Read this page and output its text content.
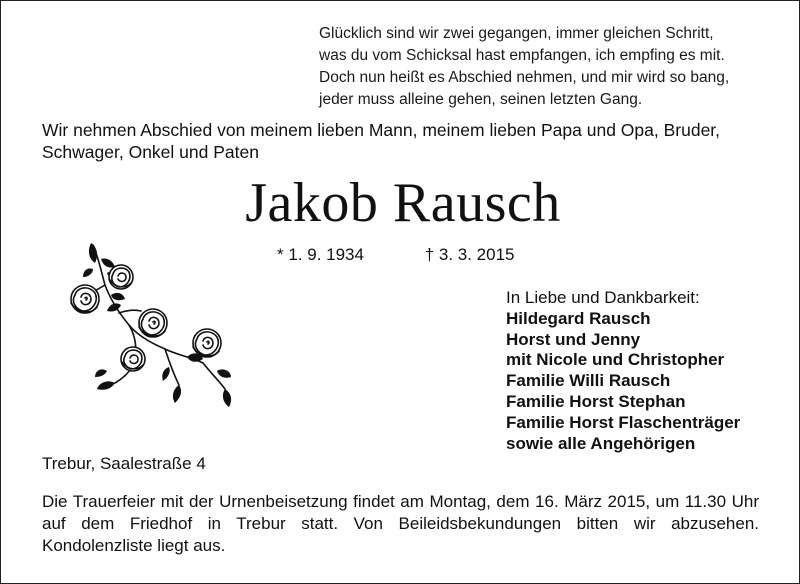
Glücklich sind wir zwei gegangen, immer gleichen Schritt,
was du vom Schicksal hast empfangen, ich empfing es mit.
Doch nun heißt es Abschied nehmen, und mir wird so bang,
jeder muss alleine gehen, seinen letzten Gang.
Wir nehmen Abschied von meinem lieben Mann, meinem lieben Papa und Opa, Bruder, Schwager, Onkel und Paten
Jakob Rausch
* 1. 9. 1934	† 3. 3. 2015
In Liebe und Dankbarkeit:
Hildegard Rausch
Horst und Jenny
mit Nicole und Christopher
Familie Willi Rausch
Familie Horst Stephan
Familie Horst Flaschenträger
sowie alle Angehörigen
Trebur, Saalestraße 4
Die Trauerfeier mit der Urnenbeisetzung findet am Montag, dem 16. März 2015, um 11.30 Uhr auf dem Friedhof in Trebur statt. Von Beileidsbekundungen bitten wir abzusehen. Kondolenzliste liegt aus.
